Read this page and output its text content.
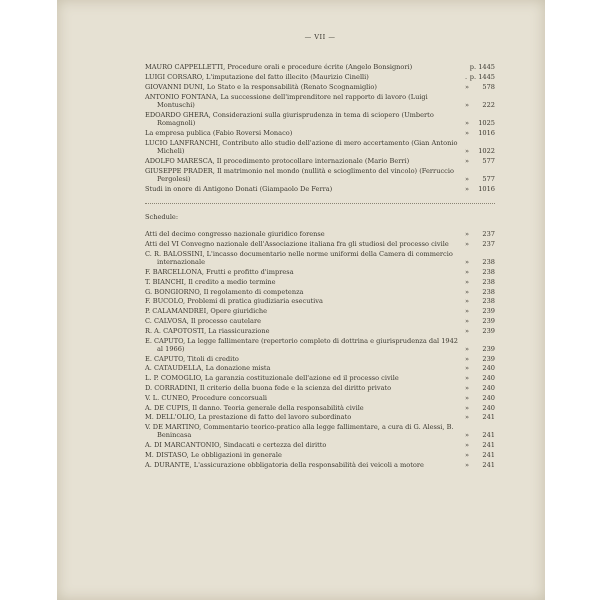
— VII —
MAURO CAPPELLETTI, Procedure orali e procedure écrite (Angelo Bonsignori)	p. 1445
LUIGI CORSARO, L'imputazione del fatto illecito (Maurizio Cinelli)	. p. 1445
GIOVANNI DUNI, Lo Stato e la responsabilità (Renato Scognamiglio)	» 578
ANTONIO FONTANA, La successione dell'imprenditore nel rapporto di lavoro (Luigi Montuschi)	» 222
EDOARDO GHERA, Considerazioni sulla giurisprudenza in tema di sciopero (Umberto Romagnoli)	» 1025
La empresa publica (Fabio Roversi Monaco)	» 1016
LUCIO LANFRANCHI, Contributo allo studio dell'azione di mero accertamento (Gian Antonio Micheli)	» 1022
ADOLFO MARESCA, Il procedimento protocollare internazionale (Mario Berri)	» 577
GIUSEPPE PRADER, Il matrimonio nel mondo (nullità e scioglimento del vincolo) (Ferruccio Pergolesi)	» 577
Studi in onore di Antigono Donati (Giampaolo De Ferra)	» 1016
Schedule:
Atti del decimo congresso nazionale giuridico forense	» 237
Atti del VI Convegno nazionale dell'Associazione italiana fra gli studiosi del processo civile	» 237
C. R. BALOSSINI, L'incasso documentario nelle norme uniformi della Camera di commercio internazionale	» 238
F. BARCELLONA, Frutti e profitto d'impresa	» 238
T. BIANCHI, Il credito a medio termine	» 238
G. BONGIORNO, Il regolamento di competenza	» 238
F. BUCOLO, Problemi di pratica giudiziaria esecutiva	» 238
P. CALAMANDREI, Opere giuridiche	» 239
C. CALVOSA, Il processo cautelare	» 239
R. A. CAPOTOSTI, La riassicurazione	» 239
E. CAPUTO, La legge fallimentare (repertorio completo di dottrina e giurisprudenza dal 1942 al 1966)	» 239
E. CAPUTO, Titoli di credito	» 239
A. CATAUDELLA, La donazione mista	» 240
L. P. COMOGLIO, La garanzia costituzionale dell'azione ed il processo civile	» 240
D. CORRADINI, Il criterio della buona fede e la scienza del diritto privato	» 240
V. L. CUNEO, Procedure concorsuali	» 240
A. DE CUPIS, Il danno. Teoria generale della responsabilità civile	» 240
M. DELL'OLIO, La prestazione di fatto del lavoro subordinato	» 241
V. DE MARTINO, Commentario teorico-pratico alla legge fallimentare, a cura di G. Alessi, B. Benincasa	» 241
A. DI MARCANTONIO, Sindacati e certezza del diritto	» 241
M. DISTASO, Le obbligazioni in generale	» 241
A. DURANTE, L'assicurazione obbligatoria della responsabilità dei veicoli a motore	» 241
